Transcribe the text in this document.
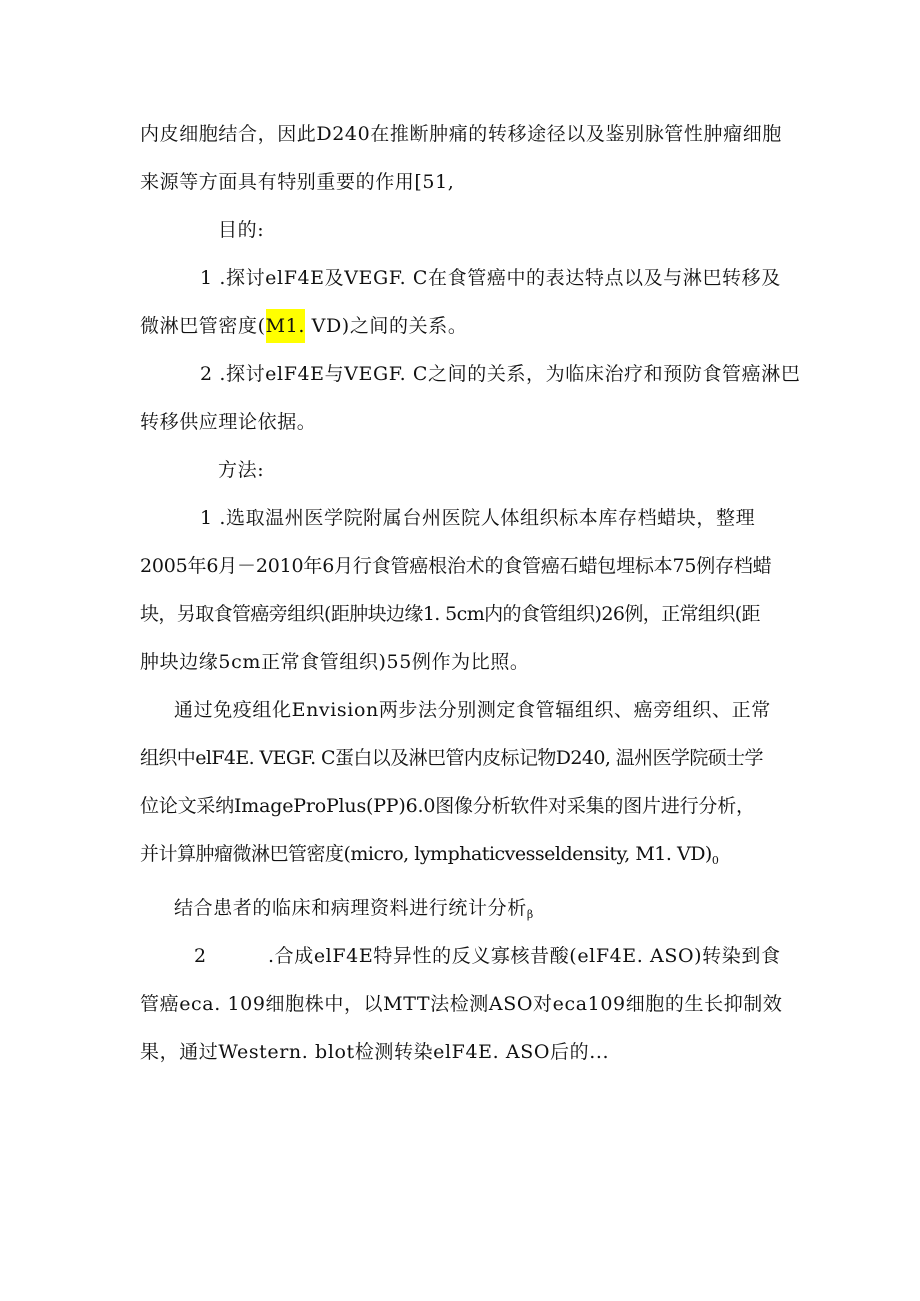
内皮细胞结合，因此D240在推断肿痛的转移途径以及鉴别脉管性肿瘤细胞
来源等方面具有特别重要的作用[51,
目的:
1 .探讨elF4E及VEGF. C在食管癌中的表达特点以及与淋巴转移及
微淋巴管密度(M1. VD)之间的关系。
2 .探讨elF4E与VEGF. C之间的关系，为临床治疗和预防食管癌淋巴
转移供应理论依据。
方法:
1 .选取温州医学院附属台州医院人体组织标本库存档蜡块，整理
2005年6月－2010年6月行食管癌根治术的食管癌石蜡包埋标本75例存档蜡
块，另取食管癌旁组织(距肿块边缘1. 5cm内的食管组织)26例，正常组织(距
肿块边缘5cm正常食管组织)55例作为比照。
通过免疫组化Envision两步法分别测定食管辐组织、癌旁组织、正常
组织中elF4E. VEGF. C蛋白以及淋巴管内皮标记物D240, 温州医学院硕士学
位论文采纳ImageProPlus(PP)6.0图像分析软件对采集的图片进行分析，
并计算肿瘤微淋巴管密度(micro, lymphaticvesseldensity, M1. $VD)_0$
结合患者的临床和病理资料进行统计分析$_\beta$
2	.合成elF4E特异性的反义寡核昔酸(elF4E. ASO)转染到食
管癌eca. 109细胞株中，以MTT法检测ASO对eca109细胞的生长抑制效
果，通过Western. blot检测转染elF4E. ASO后的...
